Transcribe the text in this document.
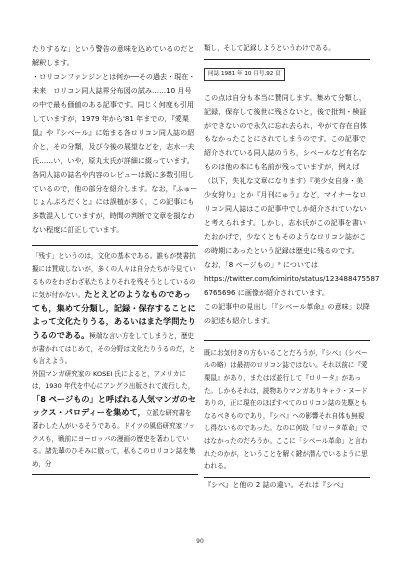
たりするな」という警告の意味を込めているのだと解釈します。

・ロリコンファンジンとは何か──その過去・現在・未来　ロリコン同人誌界分布図の試み……10 月号の中で最も価値のある記事です。同じく何度も引用していますが，1979 年から'81 年までの，『愛栗鼠』や『シベール』に始まる各ロリコン同人誌の紹介と，その分類，及び今後の展望などを，志水一夫氏……い，いや，原丸太氏が詳細に綴っています。各同人誌の誌名や内容のレビューは既に多数引用しているので，他の部分を紹介します。なお，『ふゅーじょんぷろだくと』には誤植が多く，この記事にも多数混入していますが，時間の判断で文章を損なわない程度に訂正しています。

「残す」というのは，文化の基本である。誰もが焚書抗擬には賛成しないが，多くの人々は自分たちが今見ているものをわざわざ私たちよりそれを残そうとしているのに気が付かない。たとえどのようなものであっても，集めて分類し，記録・保存することによって文化たりうる，あるいはまた学問たりうるのである。極端な言い方をしてしまうと，歴史が書かれてはじめて，その分野は文化たりうるのだ，とも言えよう。

外国マンガ研究家の KOSEI 氏によると，アメリカには，1930 年代を中心にアングラ出版されて流行した，「8 ページもの」と呼ばれる人気マンガのセックス・パロディーを集めて，立派な研究書を著わした人がいるそうである。ドイツの風俗研究家フックスも，戦前にヨーロッパの漫画の歴史を著わしている。諸先輩のひそみに倣って，私もこのロリコン誌を集め，分

類し，そして記録しようというわけである。

同誌 1981 年 10 月号,92 頁

この点は自分も本当に賛同します。集めて分類し，記録，保存して後世に残さないと，後で批判・検証ができないので永久に忘れ去られ，やがて存在自体もなかったことにされてしまうのです。この記事で紹介されている同人誌のうち，シベールなど有名なものは他の本にも名前が残っていますが，例えば（以下，失礼な文章になります）『美少女自身・美少女狩り』とか『月刊にゅう』など，マイナーなロリコン同人誌はこの記事中でしか紹介されていないと考えられます。しかし，志水氏がこの記事を書いたおかげで，少なくともそのようなロリコン誌がこの時期にあったという記録は歴史に残るのです。

なお，「8 ページもの」⁹ については https://twitter.com/kimirito/status/123488475587 6765696 に画像が紹介されています。

この記事中の見出し「『シベール革命』の意味」以降の記述も紹介します。

既にお気付きの方もいることだろうが，『シベ』（シベールの略）は最初のロリコン誌ではない。それ以前に『愛栗鼠』があり，またはば並行して『ロリータ』があった。しかもそれは，読物ありマンガありキャラ・ヌードありの，正に現在のほぼすべてのロリコン誌の先駆ともなるべきものであり，『シベ』への影響それ自体も無視し得ないものであった。なのに何故「ロリータ革命」ではなかったのだろうか。ここに「シベール革命」と言われたのかが，ということを解く鍵が潜んでいるように思われる。

『シベ』と他の 2 誌の違い。それは『シベ』

90
